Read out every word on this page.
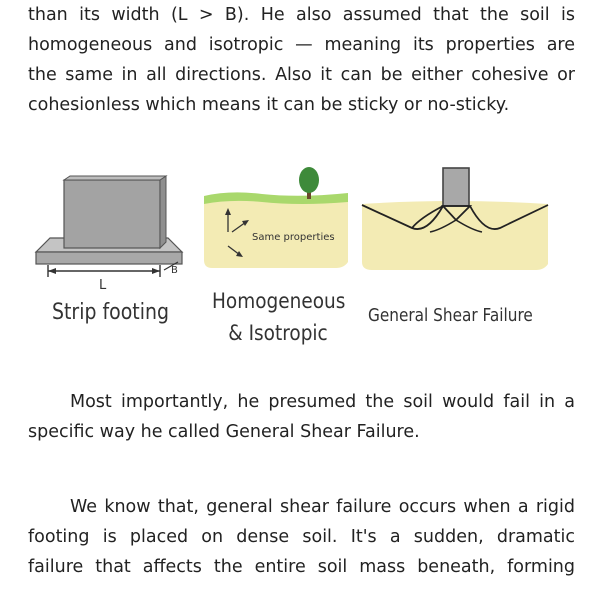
than its width (L > B). He also assumed that the soil is
homogeneous and isotropic — meaning its properties are
the same in all directions. Also it can be either cohesive or
cohesionless which means it can be sticky or no-sticky.
L
B
Same properties
Strip footing Homogeneous
& Isotropic
General Shear Failure
Most importantly, he presumed the soil would fail in a
specific way he called General Shear Failure.
We know that, general shear failure occurs when a rigid
footing is placed on dense soil. It's a sudden, dramatic
failure that affects the entire soil mass beneath, forming
